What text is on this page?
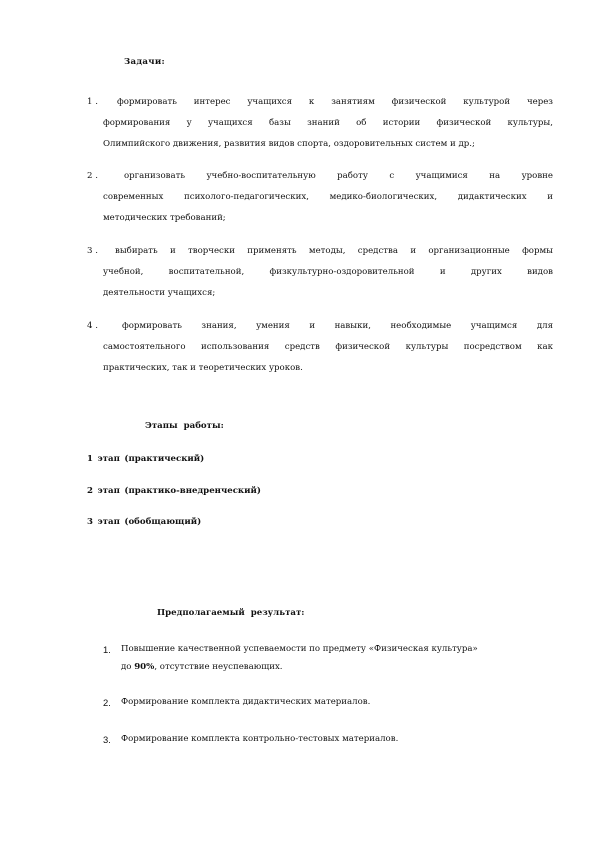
Задачи:
1 . формировать интерес учащихся к занятиям физической культурой через
формирования у учащихся базы знаний об истории физической культуры,
Олимпийского движения, развития видов спорта, оздоровительных систем и др.;
2 .	организовать учебно-воспитательную работу с учащимися на уровне
современных психолого-педагогических, медико-биологических, дидактических и
методических требований;
3 . выбирать и творчески применять методы, средства и организационные формы
учебной, воспитательной, физкультурно-оздоровительной и других видов
деятельности учащихся;
4 .	формировать знания, умения и навыки, необходимые учащимся для
самостоятельного использования средств физической культуры посредством как
практических, так и теоретических уроков.
Этапы работы:
1 этап (практический)
2 этап (практико-внедренческий)
3 этап (обобщающий)
Предполагаемый результат:
1. Повышение качественной успеваемости по предмету «Физическая культура»
до 90%, отсутствие неуспевающих.
2. Формирование комплекта дидактических материалов.
3. Формирование комплекта контрольно-тестовых материалов.
